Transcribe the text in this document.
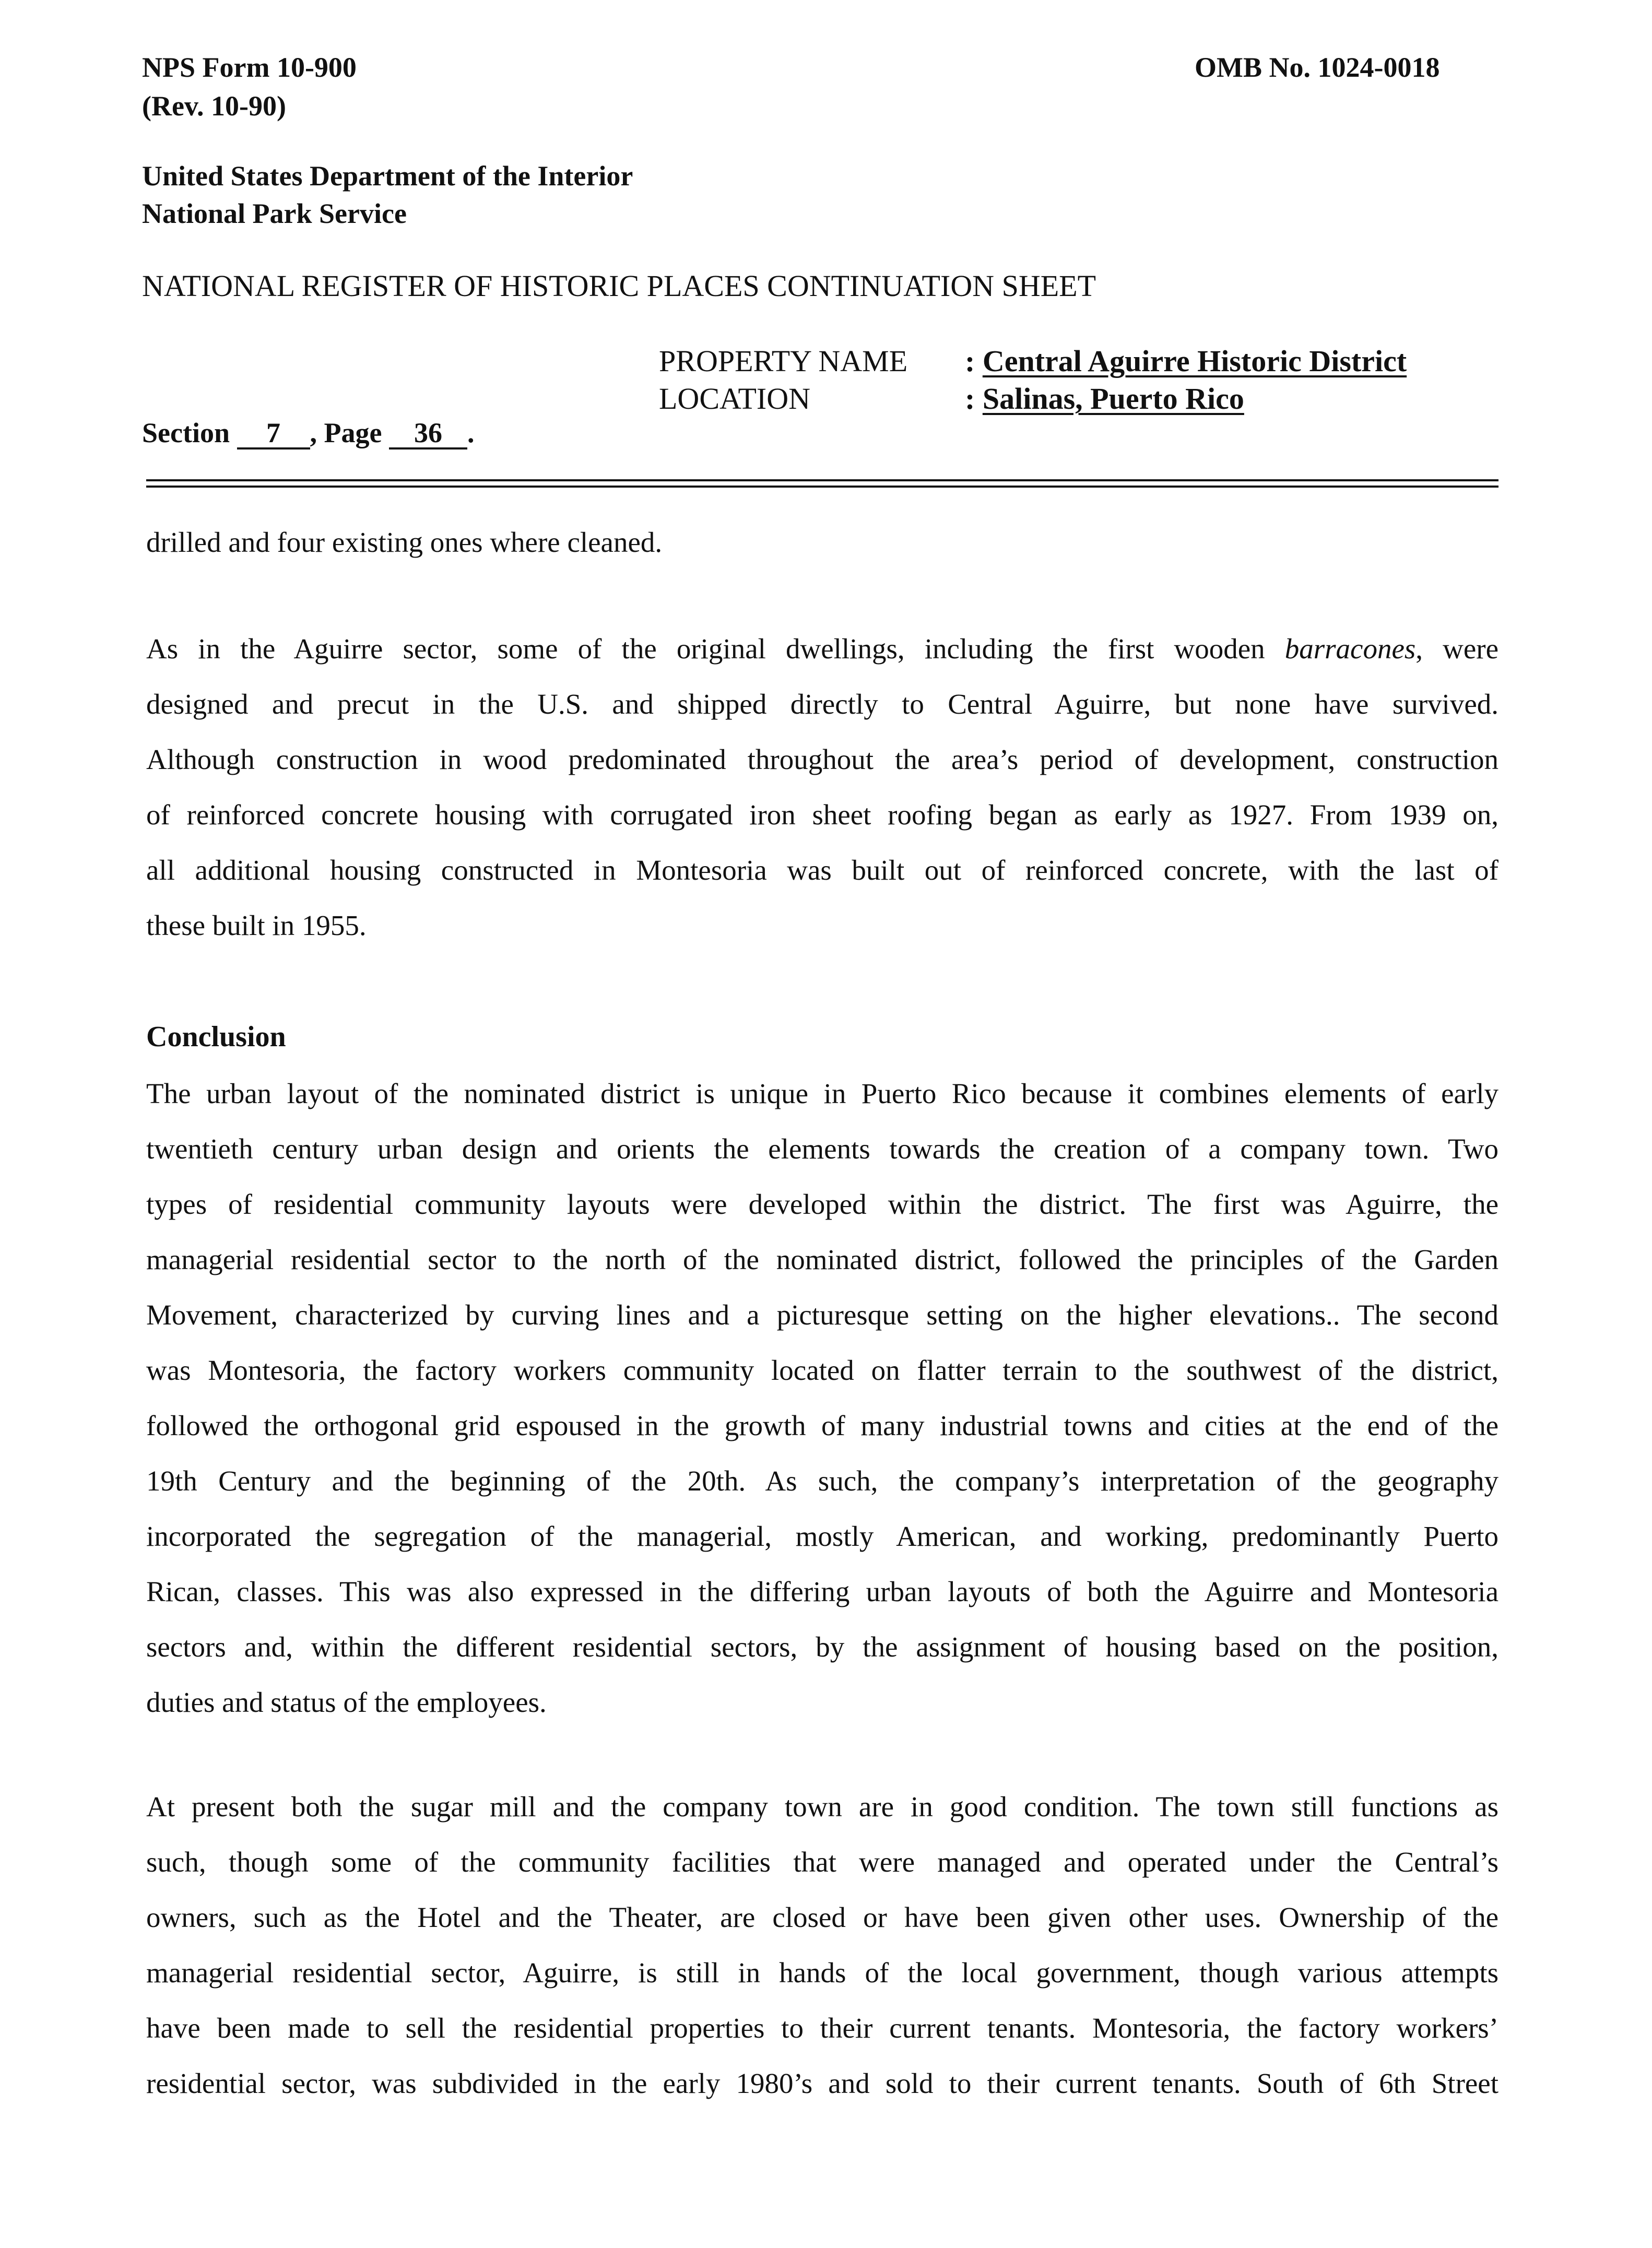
NPS Form 10-900
(Rev. 10-90)
OMB No. 1024-0018
United States Department of the Interior
National Park Service
NATIONAL REGISTER OF HISTORIC PLACES CONTINUATION SHEET
PROPERTY NAME
LOCATION
: Central Aguirre Historic District
: Salinas, Puerto Rico
Section 7 , Page 36 .
drilled and four existing ones where cleaned.
As in the Aguirre sector, some of the original dwellings, including the first wooden barracones, were
designed and precut in the U.S. and shipped directly to Central Aguirre, but none have survived.
Although construction in wood predominated throughout the area’s period of development, construction
of reinforced concrete housing with corrugated iron sheet roofing began as early as 1927. From 1939 on,
all additional housing constructed in Montesoria was built out of reinforced concrete, with the last of
these built in 1955.
Conclusion
The urban layout of the nominated district is unique in Puerto Rico because it combines elements of early
twentieth century urban design and orients the elements towards the creation of a company town. Two
types of residential community layouts were developed within the district. The first was Aguirre, the
managerial residential sector to the north of the nominated district, followed the principles of the Garden
Movement, characterized by curving lines and a picturesque setting on the higher elevations.. The second
was Montesoria, the factory workers community located on flatter terrain to the southwest of the district,
followed the orthogonal grid espoused in the growth of many industrial towns and cities at the end of the
19th Century and the beginning of the 20th. As such, the company’s interpretation of the geography
incorporated the segregation of the managerial, mostly American, and working, predominantly Puerto
Rican, classes. This was also expressed in the differing urban layouts of both the Aguirre and Montesoria
sectors and, within the different residential sectors, by the assignment of housing based on the position,
duties and status of the employees.
At present both the sugar mill and the company town are in good condition. The town still functions as
such, though some of the community facilities that were managed and operated under the Central’s
owners, such as the Hotel and the Theater, are closed or have been given other uses. Ownership of the
managerial residential sector, Aguirre, is still in hands of the local government, though various attempts
have been made to sell the residential properties to their current tenants. Montesoria, the factory workers’
residential sector, was subdivided in the early 1980’s and sold to their current tenants. South of 6th Street
